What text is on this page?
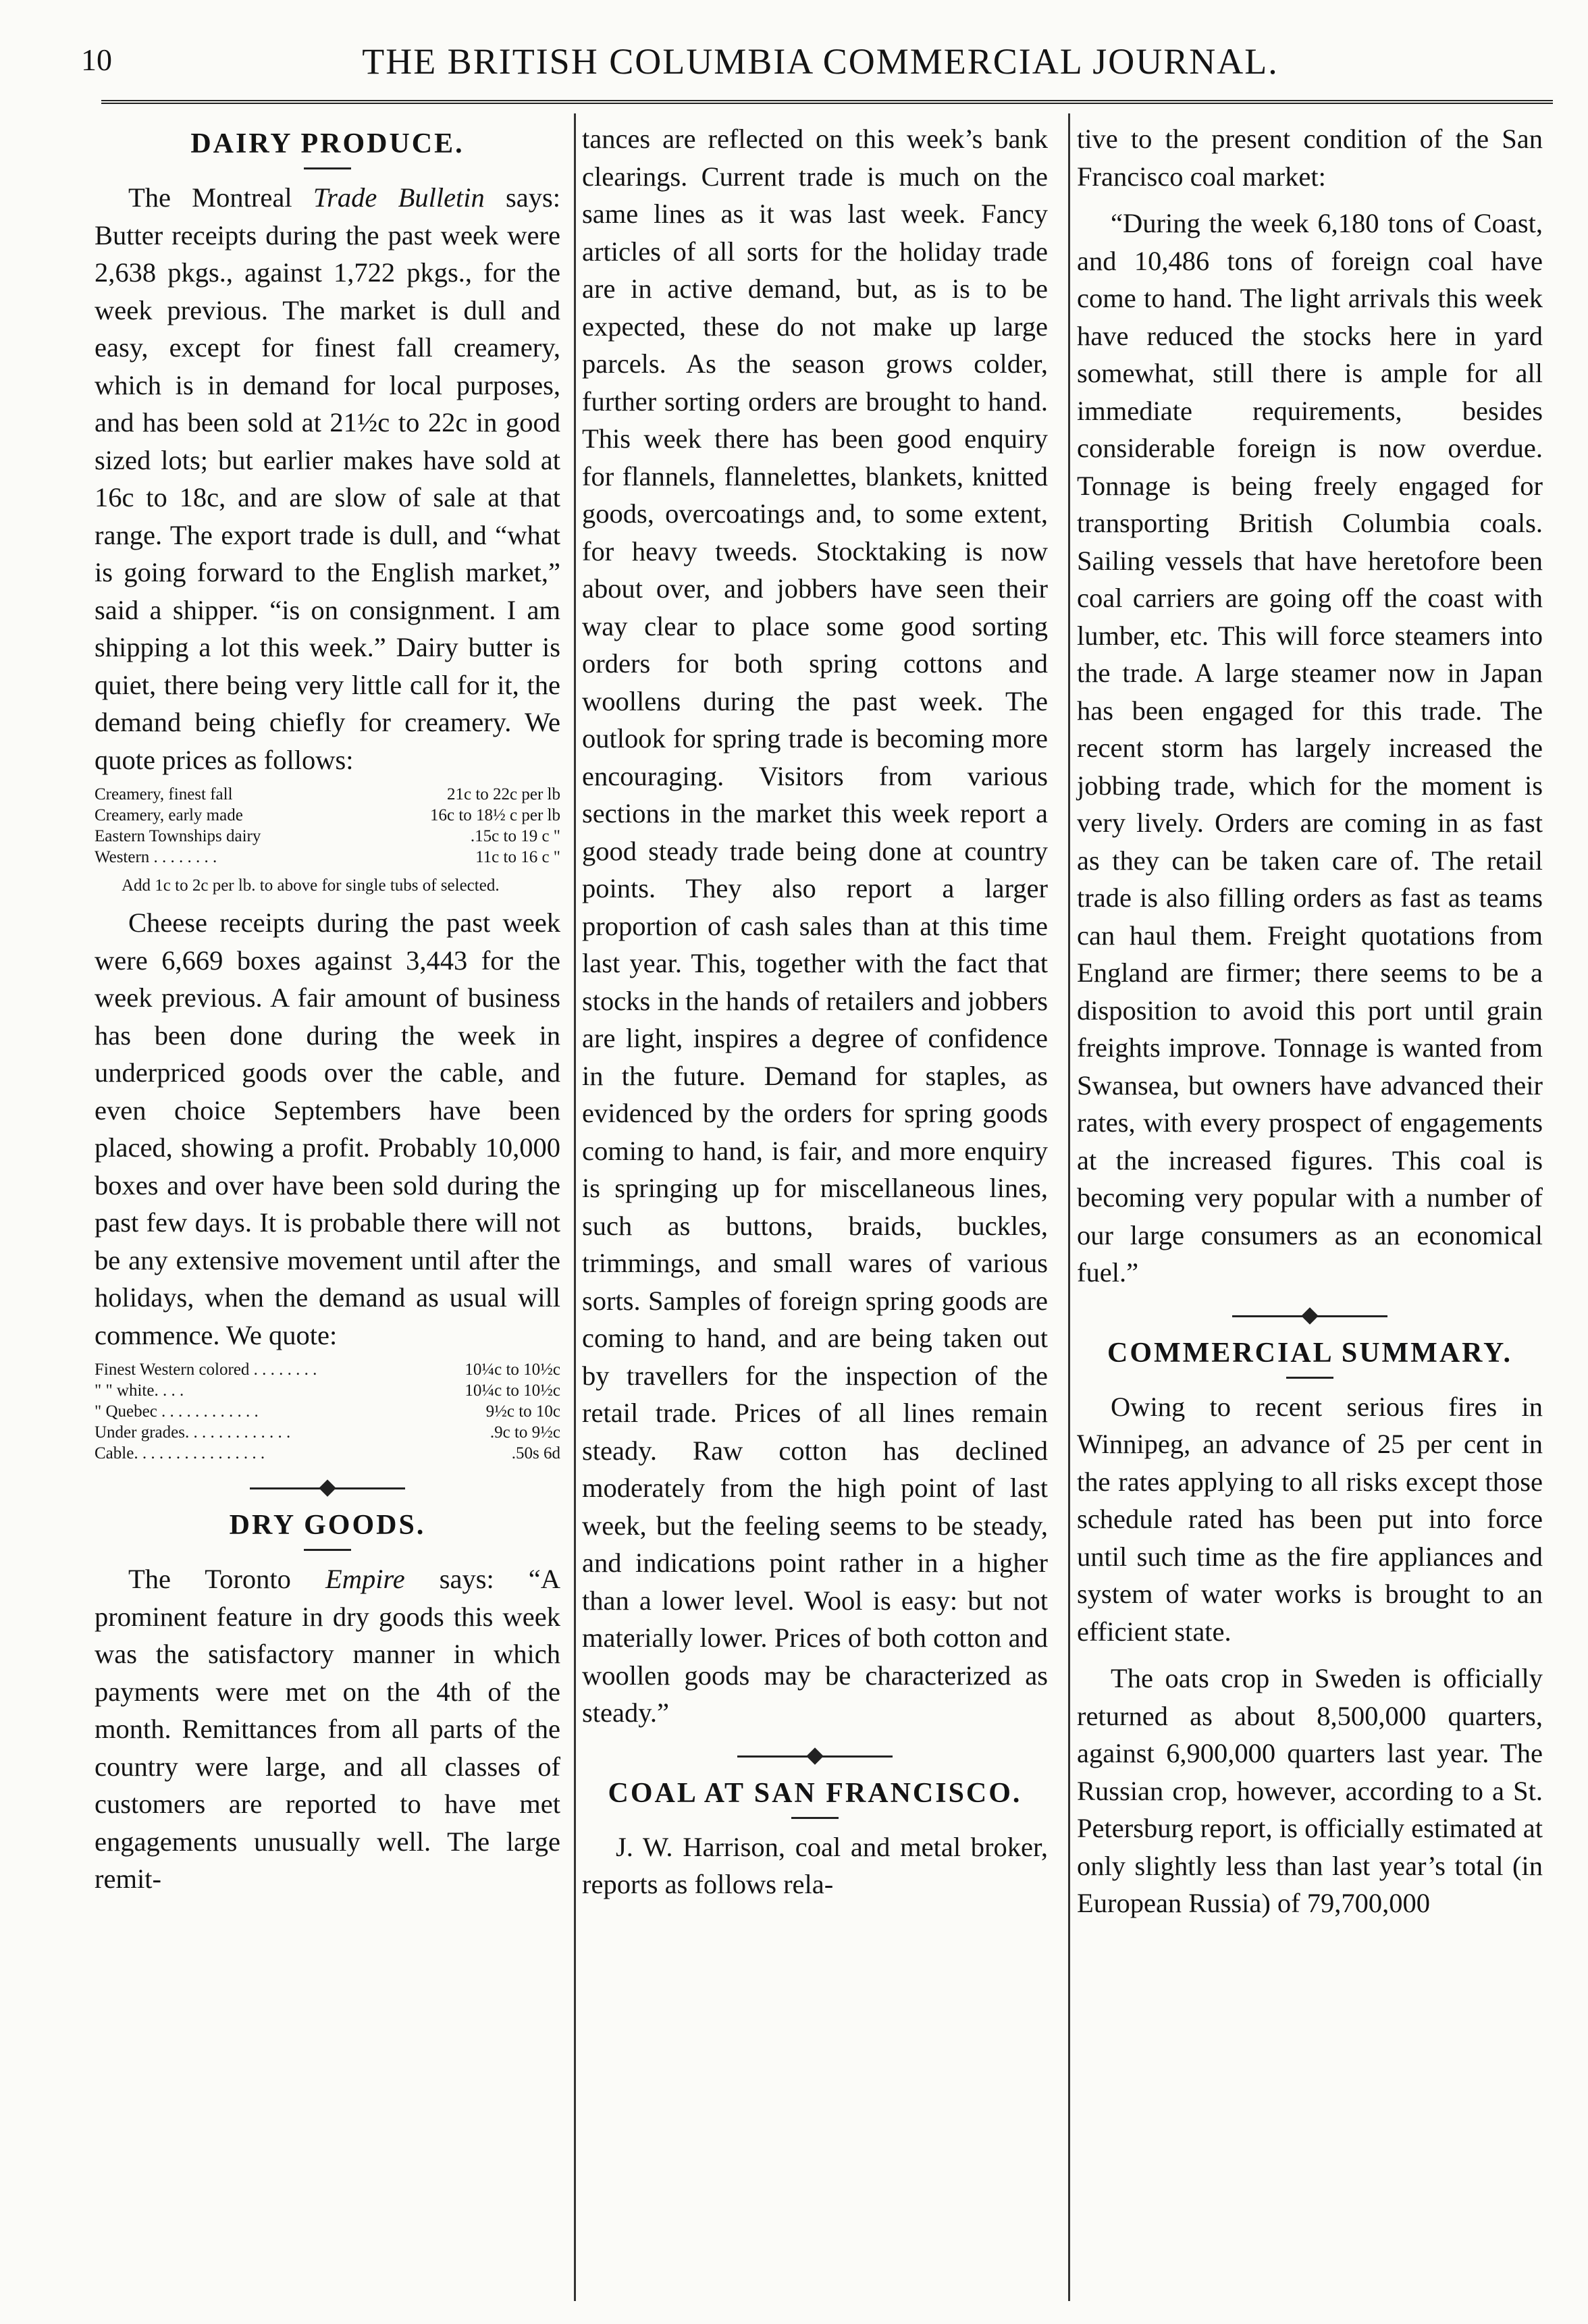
10	THE BRITISH COLUMBIA COMMERCIAL JOURNAL.
DAIRY PRODUCE.

The Montreal Trade Bulletin says: Butter receipts during the past week were 2,638 pkgs., against 1,722 pkgs., for the week previous. The market is dull and easy, except for finest fall creamery, which is in demand for local purposes, and has been sold at 21½c to 22c in good sized lots; but earlier makes have sold at 16c to 18c, and are slow of sale at that range. The export trade is dull, and “what is going forward to the English market,” said a shipper. “is on consignment. I am shipping a lot this week.” Dairy butter is quiet, there being very little call for it, the demand being chiefly for creamery. We quote prices as follows:

Creamery, finest fall	21c to 22c per lb
Creamery, early made	16c to 18½ c per lb
Eastern Townships dairy	.15c to 19 c "
Western . . . . . . . .	11c to 16 c "
Add 1c to 2c per lb. to above for single tubs of selected.

Cheese receipts during the past week were 6,669 boxes against 3,443 for the week previous. A fair amount of business has been done during the week in underpriced goods over the cable, and even choice Septembers have been placed, showing a profit. Probably 10,000 boxes and over have been sold during the past few days. It is probable there will not be any extensive movement until after the holidays, when the demand as usual will commence. We quote:

Finest Western colored . . . . . . . .	10¼c to 10½c
" " white. . . .	10¼c to 10½c
" Quebec . . . . . . . . . . . .	9½c to 10c
Under grades. . . . . . . . . . . . .	.9c to 9½c
Cable. . . . . . . . . . . . . . . .	.50s 6d
DRY GOODS.

The Toronto Empire says: “A prominent feature in dry goods this week was the satisfactory manner in which payments were met on the 4th of the month. Remittances from all parts of the country were large, and all classes of customers are reported to have met engagements unusually well. The large remit-

tances are reflected on this week’s bank clearings. Current trade is much on the same lines as it was last week. Fancy articles of all sorts for the holiday trade are in active demand, but, as is to be expected, these do not make up large parcels. As the season grows colder, further sorting orders are brought to hand. This week there has been good enquiry for flannels, flannelettes, blankets, knitted goods, overcoatings and, to some extent, for heavy tweeds. Stocktaking is now about over, and jobbers have seen their way clear to place some good sorting orders for both spring cottons and woollens during the past week. The outlook for spring trade is becoming more encouraging. Visitors from various sections in the market this week report a good steady trade being done at country points. They also report a larger proportion of cash sales than at this time last year. This, together with the fact that stocks in the hands of retailers and jobbers are light, inspires a degree of confidence in the future. Demand for staples, as evidenced by the orders for spring goods coming to hand, is fair, and more enquiry is springing up for miscellaneous lines, such as buttons, braids, buckles, trimmings, and small wares of various sorts. Samples of foreign spring goods are coming to hand, and are being taken out by travellers for the inspection of the retail trade. Prices of all lines remain steady. Raw cotton has declined moderately from the high point of last week, but the feeling seems to be steady, and indications point rather in a higher than a lower level. Wool is easy: but not materially lower. Prices of both cotton and woollen goods may be characterized as steady.”

COAL AT SAN FRANCISCO.

J. W. Harrison, coal and metal broker, reports as follows rela-

tive to the present condition of the San Francisco coal market:

“During the week 6,180 tons of Coast, and 10,486 tons of foreign coal have come to hand. The light arrivals this week have reduced the stocks here in yard somewhat, still there is ample for all immediate requirements, besides considerable foreign is now overdue. Tonnage is being freely engaged for transporting British Columbia coals. Sailing vessels that have heretofore been coal carriers are going off the coast with lumber, etc. This will force steamers into the trade. A large steamer now in Japan has been engaged for this trade. The recent storm has largely increased the jobbing trade, which for the moment is very lively. Orders are coming in as fast as they can be taken care of. The retail trade is also filling orders as fast as teams can haul them. Freight quotations from England are firmer; there seems to be a disposition to avoid this port until grain freights improve. Tonnage is wanted from Swansea, but owners have advanced their rates, with every prospect of engagements at the increased figures. This coal is becoming very popular with a number of our large consumers as an economical fuel.”

COMMERCIAL SUMMARY.

Owing to recent serious fires in Winnipeg, an advance of 25 per cent in the rates applying to all risks except those schedule rated has been put into force until such time as the fire appliances and system of water works is brought to an efficient state.

The oats crop in Sweden is officially returned as about 8,500,000 quarters, against 6,900,000 quarters last year. The Russian crop, however, according to a St. Petersburg report, is officially estimated at only slightly less than last year’s total (in European Russia) of 79,700,000
